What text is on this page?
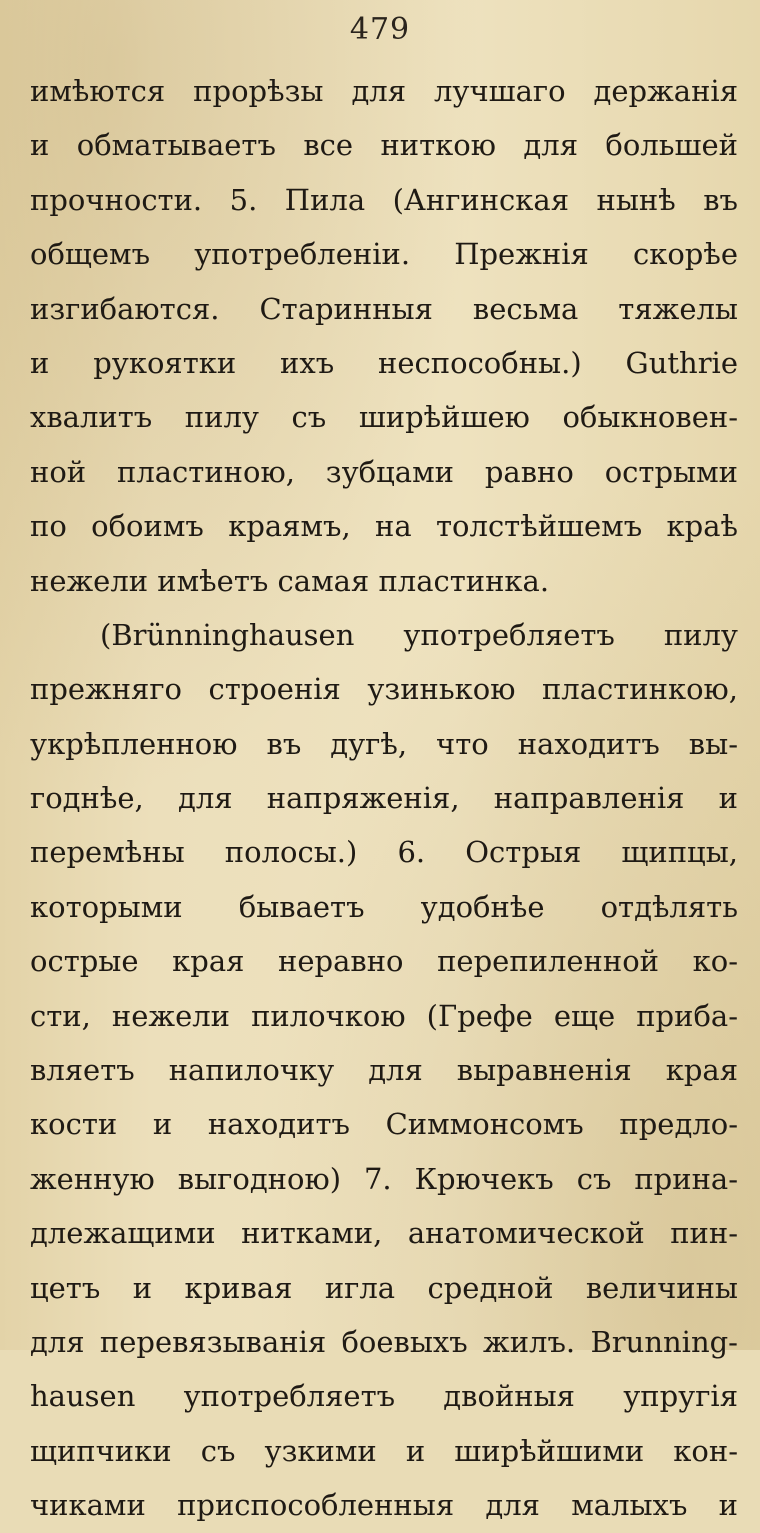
479
имѣются прорѣзы для лучшаго держанія
и обматываетъ все ниткою для большей
прочности. 5. Пила (Ангинская нынѣ въ
общемъ употребленіи. Прежнія скорѣе
изгибаются. Старинныя весьма тяжелы
и рукоятки ихъ неспособны.) Guthrie
хвалитъ пилу съ ширѣйшею обыкновен-
ной пластиною, зубцами равно острыми
по обоимъ краямъ, на толстѣйшемъ краѣ
нежели имѣетъ самая пластинка.
(Brünninghausen употребляетъ пилу
прежняго строенія узинькою пластинкою,
укрѣпленною въ дугѣ, что находитъ вы-
годнѣе, для напряженія, направленія и
перемѣны полосы.) 6. Острыя щипцы,
которыми бываетъ удобнѣе отдѣлять
острые края неравно перепиленной ко-
сти, нежели пилочкою (Грефе еще приба-
вляетъ напилочку для выравненія края
кости и находитъ Симмонсомъ предло-
женную выгодною) 7. Крючекъ съ прина-
длежащими нитками, анатомической пин-
цетъ и кривая игла средной величины
для перевязыванія боевыхъ жилъ. Brunning-
hausen употребляетъ двойныя упругія
щипчики съ узкими и ширѣйшими кон-
чиками приспособленныя для малыхъ и
